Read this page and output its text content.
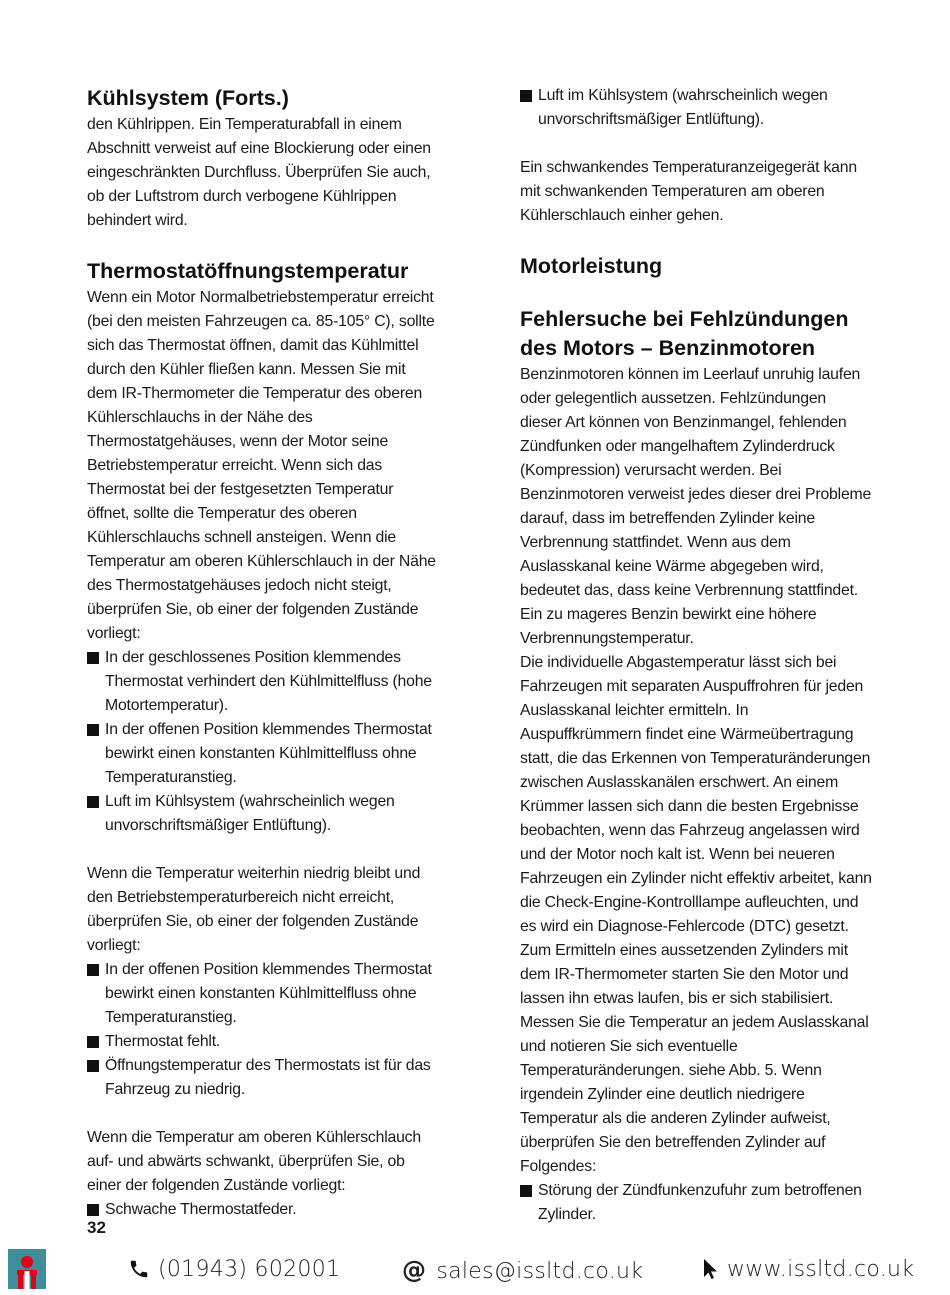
Kühlsystem (Forts.)

den Kühlrippen. Ein Temperaturabfall in einem Abschnitt verweist auf eine Blockierung oder einen eingeschränkten Durchfluss. Überprüfen Sie auch, ob der Luftstrom durch verbogene Kühlrippen behindert wird.

Thermostatöffnungstemperatur

Wenn ein Motor Normalbetriebstemperatur erreicht (bei den meisten Fahrzeugen ca. 85-105° C), sollte sich das Thermostat öffnen, damit das Kühlmittel durch den Kühler fließen kann. Messen Sie mit dem IR-Thermometer die Temperatur des oberen Kühlerschlauchs in der Nähe des Thermostatgehäuses, wenn der Motor seine Betriebstemperatur erreicht. Wenn sich das Thermostat bei der festgesetzten Temperatur öffnet, sollte die Temperatur des oberen Kühlerschlauchs schnell ansteigen. Wenn die Temperatur am oberen Kühlerschlauch in der Nähe des Thermostatgehäuses jedoch nicht steigt, überprüfen Sie, ob einer der folgenden Zustände vorliegt:

In der geschlossenes Position klemmendes Thermostat verhindert den Kühlmittelfluss (hohe Motortemperatur).
In der offenen Position klemmendes Thermostat bewirkt einen konstanten Kühlmittelfluss ohne Temperaturanstieg.
Luft im Kühlsystem (wahrscheinlich wegen unvorschriftsmäßiger Entlüftung).

Wenn die Temperatur weiterhin niedrig bleibt und den Betriebstemperaturbereich nicht erreicht, überprüfen Sie, ob einer der folgenden Zustände vorliegt:

In der offenen Position klemmendes Thermostat bewirkt einen konstanten Kühlmittelfluss ohne Temperaturanstieg.
Thermostat fehlt.
Öffnungstemperatur des Thermostats ist für das Fahrzeug zu niedrig.

Wenn die Temperatur am oberen Kühlerschlauch auf- und abwärts schwankt, überprüfen Sie, ob einer der folgenden Zustände vorliegt:

Schwache Thermostatfeder.
Luft im Kühlsystem (wahrscheinlich wegen unvorschriftsmäßiger Entlüftung).

Ein schwankendes Temperaturanzeigegerät kann mit schwankenden Temperaturen am oberen Kühlerschlauch einher gehen.

Motorleistung
Fehlersuche bei Fehlzündungen des Motors – Benzinmotoren

Benzinmotoren können im Leerlauf unruhig laufen oder gelegentlich aussetzen. Fehlzündungen dieser Art können von Benzinmangel, fehlenden Zündfunken oder mangelhaftem Zylinderdruck (Kompression) verursacht werden. Bei Benzinmotoren verweist jedes dieser drei Probleme darauf, dass im betreffenden Zylinder keine Verbrennung stattfindet. Wenn aus dem Auslasskanal keine Wärme abgegeben wird, bedeutet das, dass keine Verbrennung stattfindet. Ein zu mageres Benzin bewirkt eine höhere Verbrennungstemperatur.

Die individuelle Abgastemperatur lässt sich bei Fahrzeugen mit separaten Auspuffrohren für jeden Auslasskanal leichter ermitteln. In Auspuffkrümmern findet eine Wärmeübertragung statt, die das Erkennen von Temperaturänderungen zwischen Auslasskanälen erschwert. An einem Krümmer lassen sich dann die besten Ergebnisse beobachten, wenn das Fahrzeug angelassen wird und der Motor noch kalt ist. Wenn bei neueren Fahrzeugen ein Zylinder nicht effektiv arbeitet, kann die Check-Engine-Kontrolllampe aufleuchten, und es wird ein Diagnose-Fehlercode (DTC) gesetzt.

Zum Ermitteln eines aussetzenden Zylinders mit dem IR-Thermometer starten Sie den Motor und lassen ihn etwas laufen, bis er sich stabilisiert. Messen Sie die Temperatur an jedem Auslasskanal und notieren Sie sich eventuelle Temperaturänderungen. siehe Abb. 5. Wenn irgendein Zylinder eine deutlich niedrigere Temperatur als die anderen Zylinder aufweist, überprüfen Sie den betreffenden Zylinder auf Folgendes:

Störung der Zündfunkenzufuhr zum betroffenen Zylinder.
32
(01943) 602001	@ sales@issltd.co.uk	www.issltd.co.uk
